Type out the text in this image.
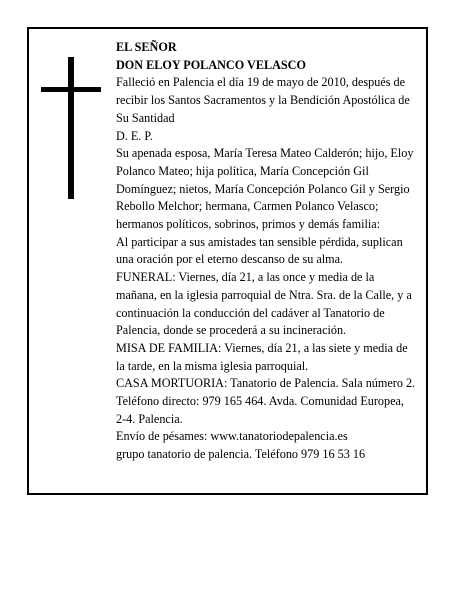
EL SEÑOR

DON ELOY POLANCO VELASCO

Falleció en Palencia el día 19 de mayo de 2010, después de recibir los Santos Sacramentos y la Bendición Apostólica de Su Santidad

D. E. P.

Su apenada esposa, María Teresa Mateo Calderón; hijo, Eloy Polanco Mateo; hija política, María Concepción Gil Domínguez; nietos, María Concepción Polanco Gil y Sergio Rebollo Melchor; hermana, Carmen Polanco Velasco; hermanos políticos, sobrinos, primos y demás familia:

Al participar a sus amistades tan sensible pérdida, suplican una oración por el eterno descanso de su alma.

FUNERAL: Viernes, día 21, a las once y media de la mañana, en la iglesia parroquial de Ntra. Sra. de la Calle, y a continuación la conducción del cadáver al Tanatorio de Palencia, donde se procederá a su incineración.

MISA DE FAMILIA: Viernes, día 21, a las siete y media de la tarde, en la misma iglesia parroquial.

CASA MORTUORIA: Tanatorio de Palencia. Sala número 2. Teléfono directo: 979 165 464. Avda. Comunidad Europea, 2-4. Palencia.

Envío de pésames: www.tanatoriodepalencia.es

grupo tanatorio de palencia. Teléfono 979 16 53 16
